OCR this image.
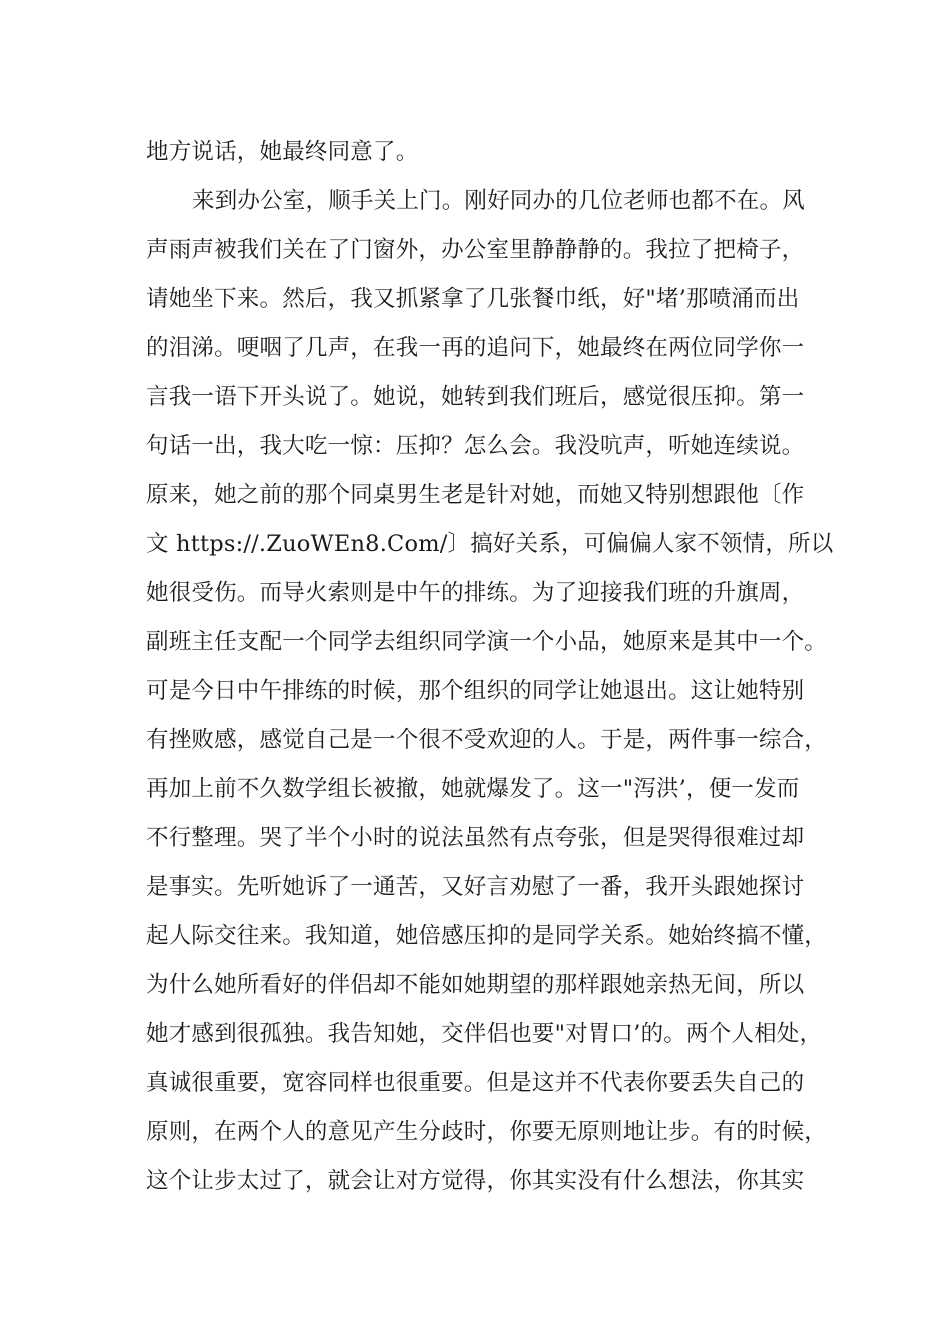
地方说话，她最终同意了。
来到办公室，顺手关上门。刚好同办的几位老师也都不在。风
声雨声被我们关在了门窗外，办公室里静静静的。我拉了把椅子，
请她坐下来。然后，我又抓紧拿了几张餐巾纸，好"堵’那喷涌而出
的泪涕。哽咽了几声，在我一再的追问下，她最终在两位同学你一
言我一语下开头说了。她说，她转到我们班后，感觉很压抑。第一
句话一出，我大吃一惊：压抑？怎么会。我没吭声，听她连续说。
原来，她之前的那个同桌男生老是针对她，而她又特别想跟他〔作
文 https://.ZuoWEn8.Com/〕搞好关系，可偏偏人家不领情，所以
她很受伤。而导火索则是中午的排练。为了迎接我们班的升旗周，
副班主任支配一个同学去组织同学演一个小品，她原来是其中一个。
可是今日中午排练的时候，那个组织的同学让她退出。这让她特别
有挫败感，感觉自己是一个很不受欢迎的人。于是，两件事一综合，
再加上前不久数学组长被撤，她就爆发了。这一"泻洪’，便一发而
不行整理。哭了半个小时的说法虽然有点夸张，但是哭得很难过却
是事实。先听她诉了一通苦，又好言劝慰了一番，我开头跟她探讨
起人际交往来。我知道，她倍感压抑的是同学关系。她始终搞不懂，
为什么她所看好的伴侣却不能如她期望的那样跟她亲热无间，所以
她才感到很孤独。我告知她，交伴侣也要"对胃口’的。两个人相处，
真诚很重要，宽容同样也很重要。但是这并不代表你要丢失自己的
原则，在两个人的意见产生分歧时，你要无原则地让步。有的时候，
这个让步太过了，就会让对方觉得，你其实没有什么想法，你其实
